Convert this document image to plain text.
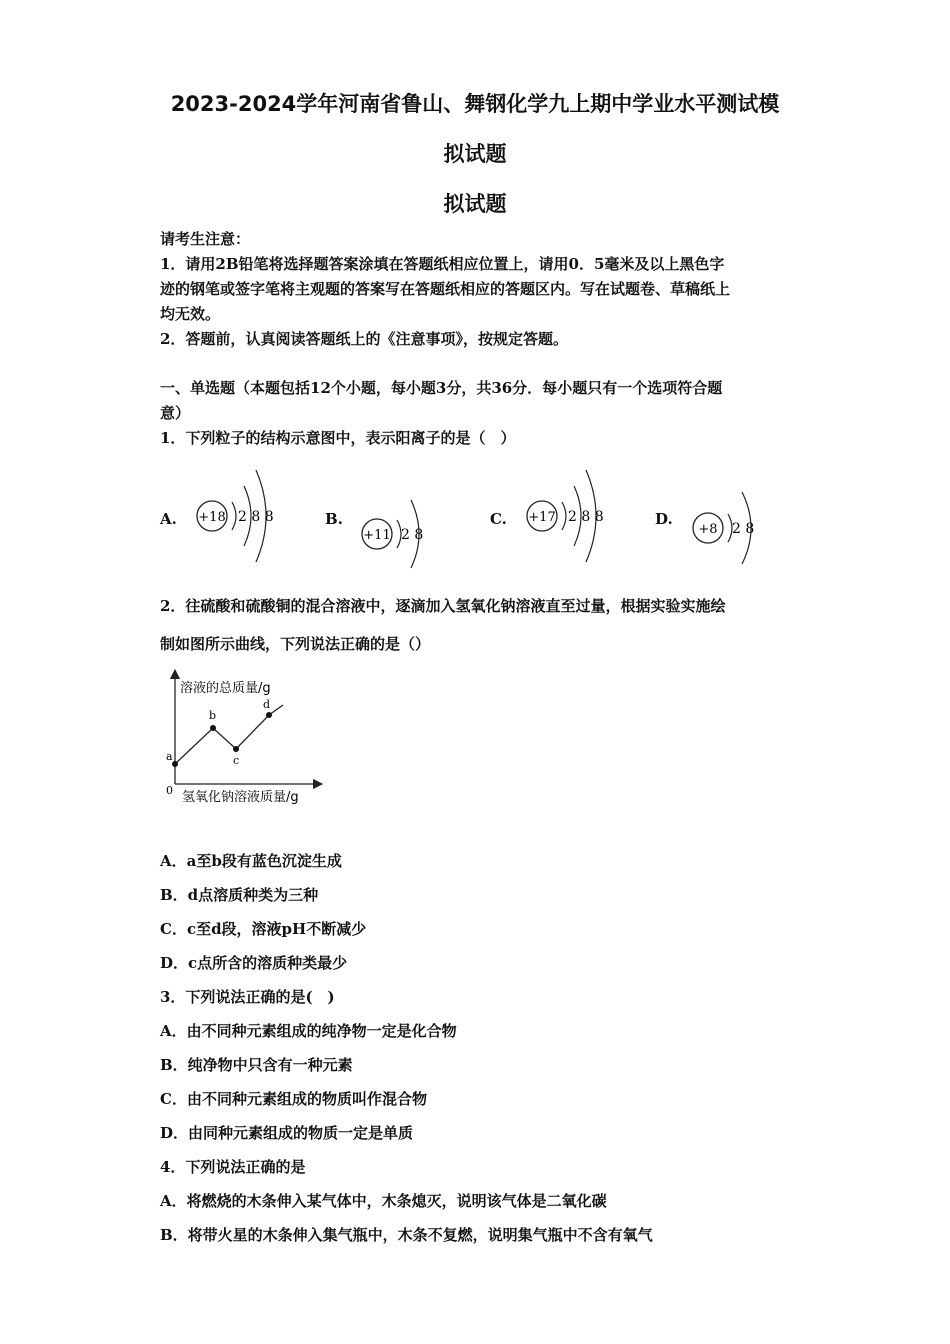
2023-2024学年河南省鲁山、舞钢化学九上期中学业水平测试模
拟试题
拟试题
请考生注意：
1．请用2B铅笔将选择题答案涂填在答题纸相应位置上，请用0．5毫米及以上黑色字
迹的钢笔或签字笔将主观题的答案写在答题纸相应的答题区内。写在试题卷、草稿纸上
均无效。
2．答题前，认真阅读答题纸上的《注意事项》，按规定答题。
一、单选题（本题包括12个小题，每小题3分，共36分．每小题只有一个选项符合题
意）
1．下列粒子的结构示意图中，表示阳离子的是（　）
A. +18 2 8 8	B.
+11 2 8
C. +17 2 8 8	D.
+8 2 8
2．往硫酸和硫酸铜的混合溶液中，逐滴加入氢氧化钠溶液直至过量，根据实验实施绘
制如图所示曲线，下列说法正确的是（）
溶液的总质量/g
氢氧化钠溶液质量/g
0
a
b
c
d
A．a至b段有蓝色沉淀生成
B．d点溶质种类为三种
C．c至d段，溶液pH不断减少
D．c点所含的溶质种类最少
3．下列说法正确的是(　)
A．由不同种元素组成的纯净物一定是化合物
B．纯净物中只含有一种元素
C．由不同种元素组成的物质叫作混合物
D．由同种元素组成的物质一定是单质
4．下列说法正确的是
A．将燃烧的木条伸入某气体中，木条熄灭，说明该气体是二氧化碳
B．将带火星的木条伸入集气瓶中，木条不复燃，说明集气瓶中不含有氧气
